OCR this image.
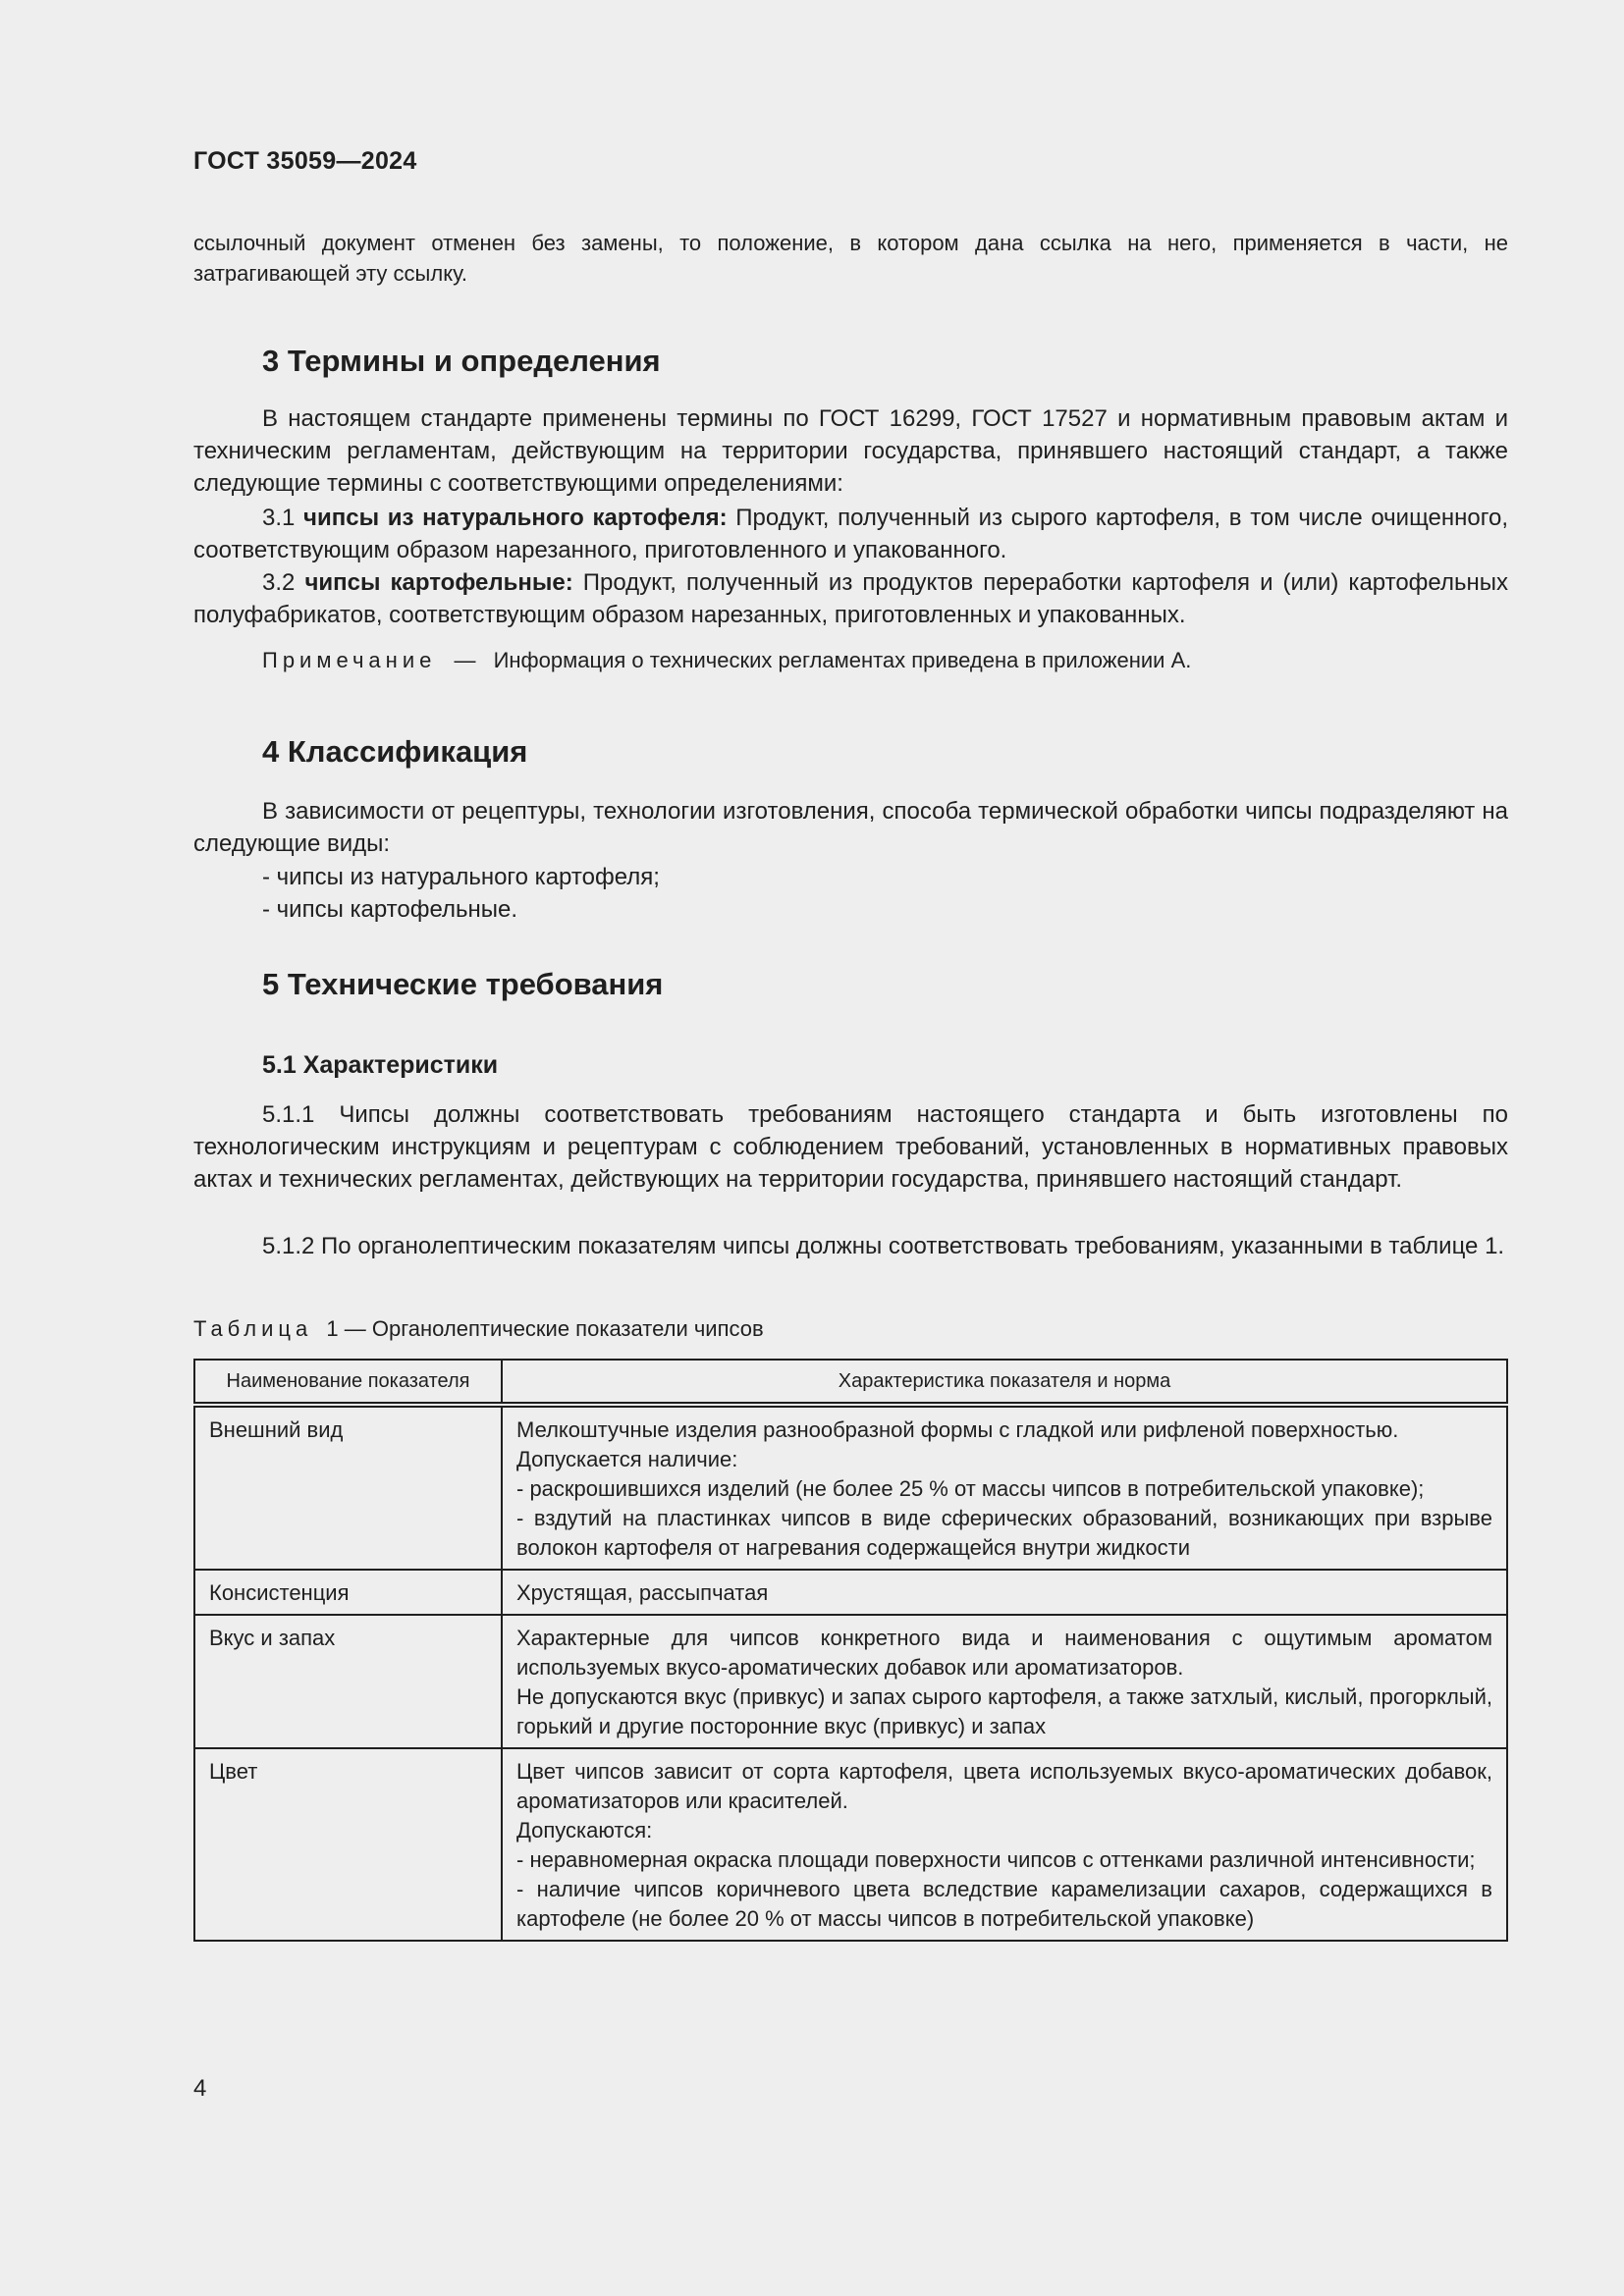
ГОСТ 35059—2024
ссылочный документ отменен без замены, то положение, в котором дана ссылка на него, применяется в части, не затрагивающей эту ссылку.
3 Термины и определения
В настоящем стандарте применены термины по ГОСТ 16299, ГОСТ 17527 и нормативным правовым актам и техническим регламентам, действующим на территории государства, принявшего настоящий стандарт, а также следующие термины с соответствующими определениями:
3.1 чипсы из натурального картофеля: Продукт, полученный из сырого картофеля, в том числе очищенного, соответствующим образом нарезанного, приготовленного и упакованного.
3.2 чипсы картофельные: Продукт, полученный из продуктов переработки картофеля и (или) картофельных полуфабрикатов, соответствующим образом нарезанных, приготовленных и упакованных.
Примечание — Информация о технических регламентах приведена в приложении А.
4 Классификация
В зависимости от рецептуры, технологии изготовления, способа термической обработки чипсы подразделяют на следующие виды:
- чипсы из натурального картофеля;
- чипсы картофельные.
5 Технические требования
5.1 Характеристики
5.1.1 Чипсы должны соответствовать требованиям настоящего стандарта и быть изготовлены по технологическим инструкциям и рецептурам с соблюдением требований, установленных в нормативных правовых актах и технических регламентах, действующих на территории государства, принявшего настоящий стандарт.
5.1.2 По органолептическим показателям чипсы должны соответствовать требованиям, указанными в таблице 1.
Таблица 1 — Органолептические показатели чипсов
Наименование показателя	Характеристика показателя и норма
Внешний вид	Мелкоштучные изделия разнообразной формы с гладкой или рифленой поверхностью.

Допускается наличие:

- раскрошившихся изделий (не более 25 % от массы чипсов в потребительской упаковке);

- вздутий на пластинках чипсов в виде сферических образований, возникающих при взрыве волокон картофеля от нагревания содержащейся внутри жидкости

Консистенция	Хрустящая, рассыпчатая

Вкус и запах	Характерные для чипсов конкретного вида и наименования с ощутимым ароматом используемых вкусо-ароматических добавок или ароматизаторов.

Не допускаются вкус (привкус) и запах сырого картофеля, а также затхлый, кислый, прогорклый, горький и другие посторонние вкус (привкус) и запах

Цвет	Цвет чипсов зависит от сорта картофеля, цвета используемых вкусо-ароматических добавок, ароматизаторов или красителей.

Допускаются:

- неравномерная окраска площади поверхности чипсов с оттенками различной интенсивности;

- наличие чипсов коричневого цвета вследствие карамелизации сахаров, содержащихся в картофеле (не более 20 % от массы чипсов в потребительской упаковке)

4
